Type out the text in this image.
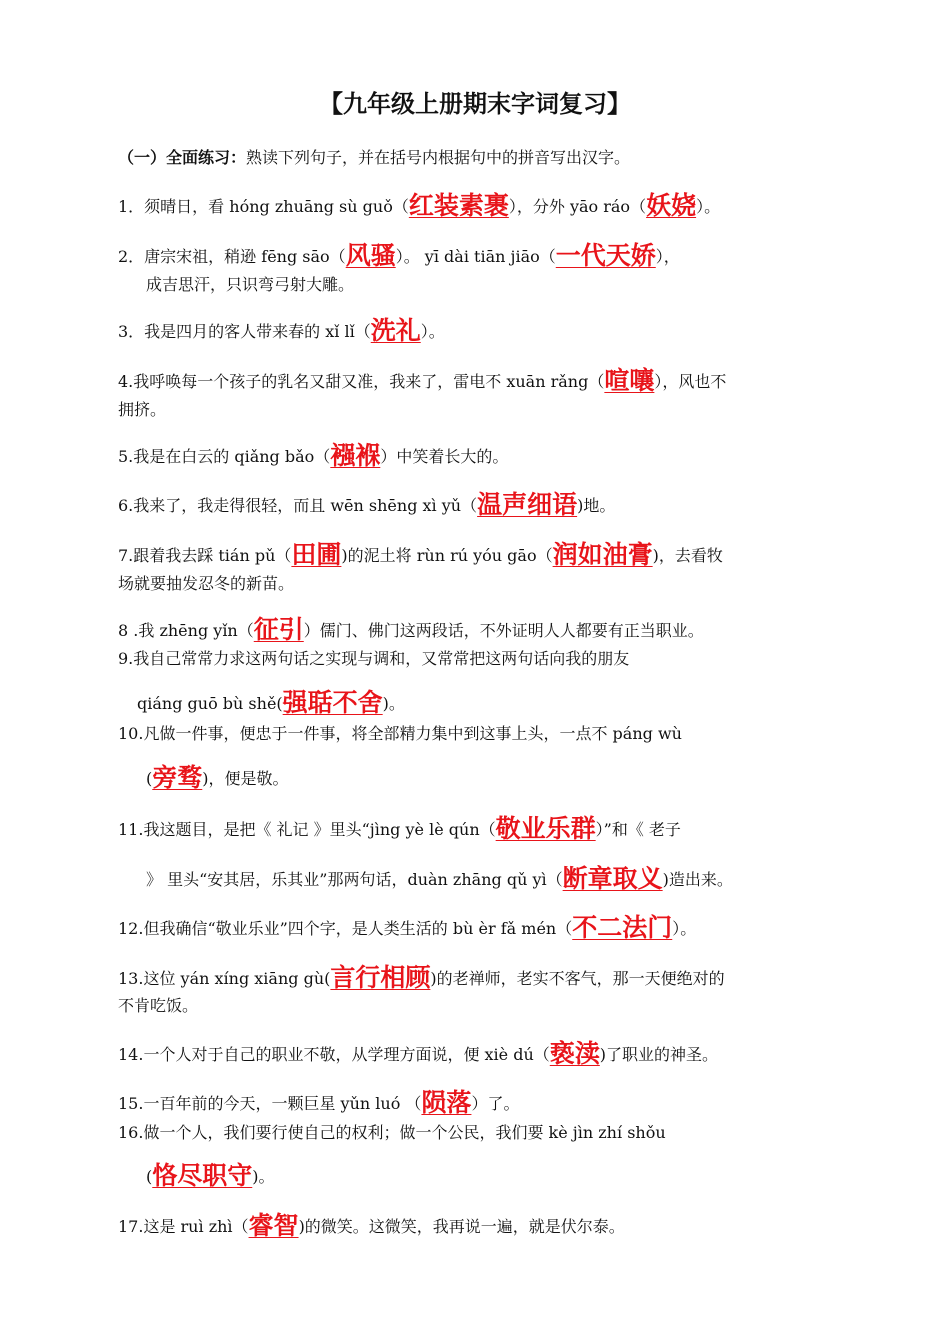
【九年级上册期末字词复习】
（一）全面练习：熟读下列句子，并在括号内根据句中的拼音写出汉字。
1．须晴日，看 hóng zhuāng sù guǒ（红装素裹），分外 yāo ráo（妖娆）。
2．唐宗宋祖，稍逊 fēng sāo（风骚）。 yī dài tiān jiāo（一代天娇），
成吉思汗，只识弯弓射大雕。
3．我是四月的客人带来春的 xǐ lǐ（洗礼）。
4.我呼唤每一个孩子的乳名又甜又准，我来了，雷电不 xuān rǎng（喧嚷），风也不
拥挤。
5.我是在白云的 qiǎng bǎo（襁褓）中笑着长大的。
6.我来了，我走得很轻，而且 wēn shēng xì yǔ（温声细语)地。
7.跟着我去踩 tián pǔ（田圃)的泥土将 rùn rú yóu gāo（润如油膏)，去看牧
场就要抽发忍冬的新苗。
8 .我 zhēng yǐn（征引）儒门、佛门这两段话，不外证明人人都要有正当职业。
9.我自己常常力求这两句话之实现与调和，又常常把这两句话向我的朋友
qiáng guō bù shě(强聒不舍)。
10.凡做一件事，便忠于一件事，将全部精力集中到这事上头，一点不 páng wù
(旁骛)，便是敬。
11.我这题目，是把《 礼记 》里头“jìng yè lè qún（敬业乐群）”和《 老子
》 里头“安其居，乐其业”那两句话，duàn zhāng qǔ yì（断章取义)造出来。
12.但我确信“敬业乐业”四个字，是人类生活的 bù èr fǎ mén（不二法门）。
13.这位 yán xíng xiāng gù(言行相顾)的老禅师，老实不客气，那一天便绝对的
不肯吃饭。
14.一个人对于自己的职业不敬，从学理方面说，便 xiè dú（亵渎)了职业的神圣。
15.一百年前的今天，一颗巨星 yǔn luó （陨落）了。
16.做一个人，我们要行使自己的权利；做一个公民，我们要 kè jìn zhí shǒu
(恪尽职守)。
17.这是 ruì zhì（睿智)的微笑。这微笑，我再说一遍，就是伏尔泰。
